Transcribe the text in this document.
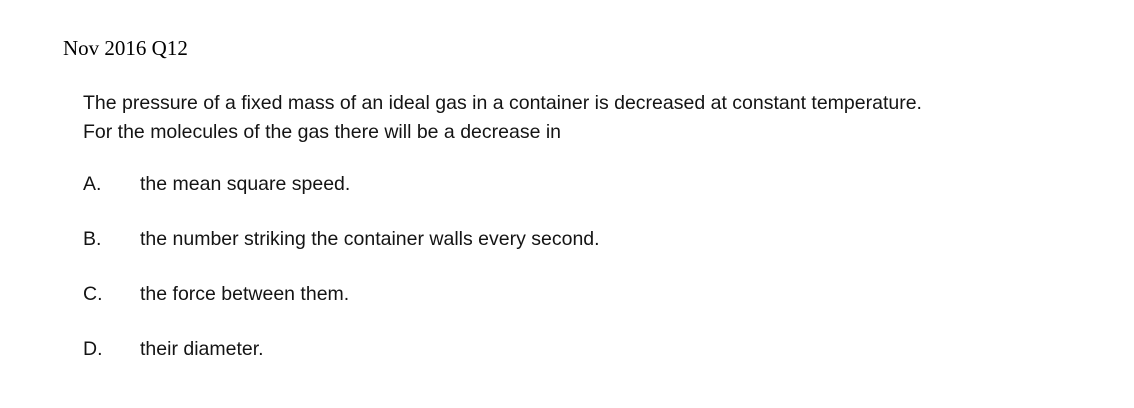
Nov 2016 Q12
The pressure of a fixed mass of an ideal gas in a container is decreased at constant temperature.
For the molecules of the gas there will be a decrease in
A. the mean square speed.
B. the number striking the container walls every second.
C. the force between them.
D. their diameter.
